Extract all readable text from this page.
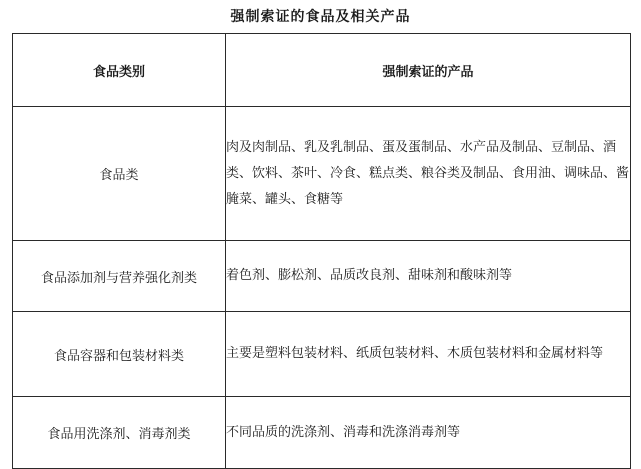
强制索证的食品及相关产品
食品类别	强制索证的产品
食品类	肉及肉制品、乳及乳制品、蛋及蛋制品、水产品及制品、豆制品、酒类、饮料、茶叶、冷食、糕点类、粮谷类及制品、食用油、调味品、酱腌菜、罐头、食糖等
食品添加剂与营养强化剂类	着色剂、膨松剂、品质改良剂、甜味剂和酸味剂等
食品容器和包装材料类	主要是塑料包装材料、纸质包装材料、木质包装材料和金属材料等
食品用洗涤剂、消毒剂类	不同品质的洗涤剂、消毒和洗涤消毒剂等
